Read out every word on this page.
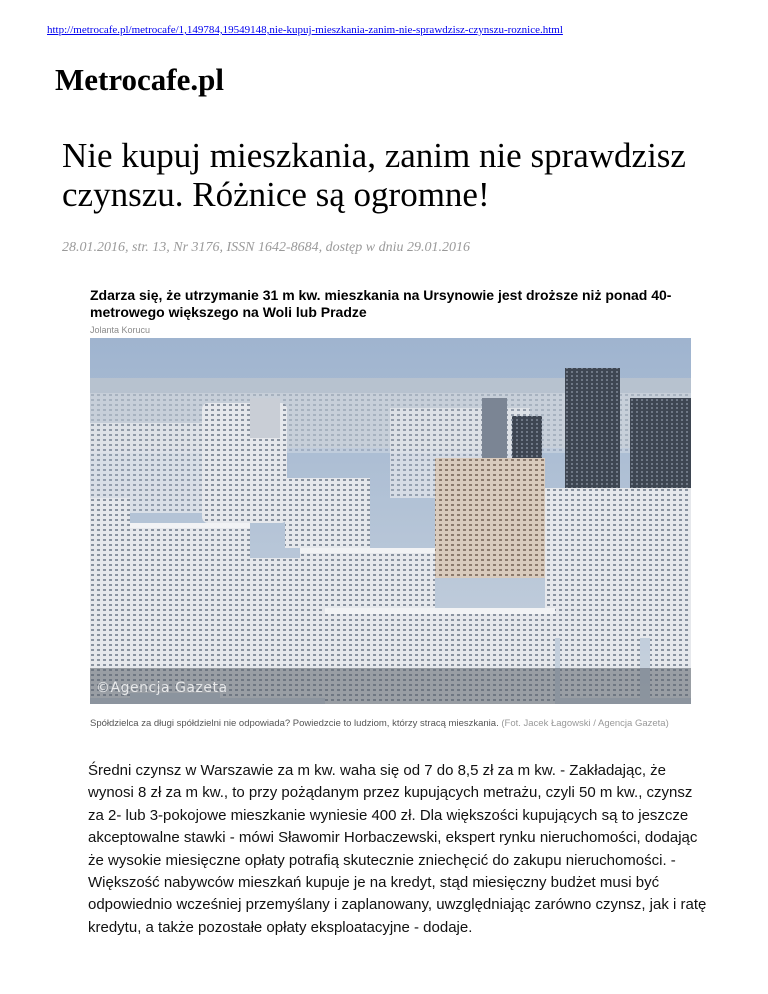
http://metrocafe.pl/metrocafe/1,149784,19549148,nie-kupuj-mieszkania-zanim-nie-sprawdzisz-czynszu-roznice.html
Metrocafe.pl
Nie kupuj mieszkania, zanim nie sprawdzisz czynszu. Różnice są ogromne!
28.01.2016, str. 13, Nr 3176, ISSN 1642-8684, dostęp w dniu 29.01.2016

Zdarza się, że utrzymanie 31 m kw. mieszkania na Ursynowie jest droższe niż ponad 40-metrowego większego na Woli lub Pradze

Jolanta Korucu
©Agencja Gazeta
Spółdzielca za długi spółdzielni nie odpowiada? Powiedzcie to ludziom, którzy stracą mieszkania. (Fot. Jacek Łagowski / Agencja Gazeta)

Średni czynsz w Warszawie za m kw. waha się od 7 do 8,5 zł za m kw. - Zakładając, że wynosi 8 zł za m kw., to przy pożądanym przez kupujących metrażu, czyli 50 m kw., czynsz za 2- lub 3-pokojowe mieszkanie wyniesie 400 zł. Dla większości kupujących są to jeszcze akceptowalne stawki - mówi Sławomir Horbaczewski, ekspert rynku nieruchomości, dodając że wysokie miesięczne opłaty potrafią skutecznie zniechęcić do zakupu nieruchomości. - Większość nabywców mieszkań kupuje je na kredyt, stąd miesięczny budżet musi być odpowiednio wcześniej przemyślany i zaplanowany, uwzględniając zarówno czynsz, jak i ratę kredytu, a także pozostałe opłaty eksploatacyjne - dodaje.
